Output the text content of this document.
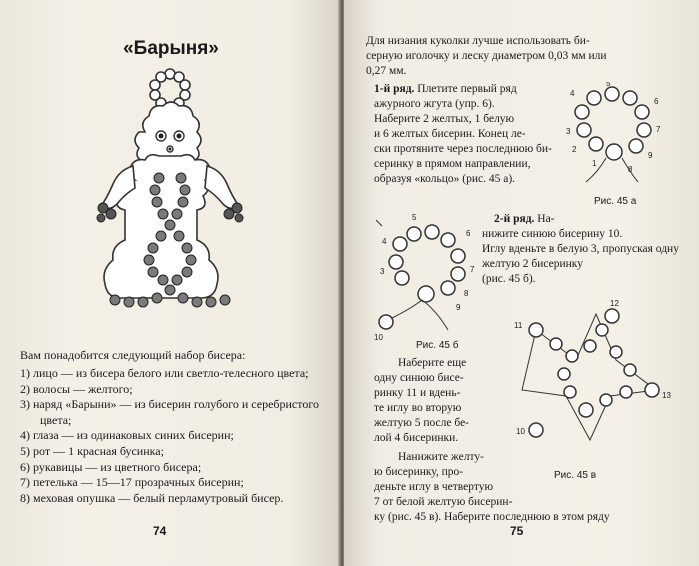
«Барыня»
Вам понадобится следующий набор бисера:
1) лицо — из бисера белого или светло-телесного цвета;
2) волосы — желтого;
3) наряд «Барыни» — из бисерин голубого и серебристого цвета;
4) глаза — из одинаковых синих бисерин;
5) рот — 1 красная бусинка;
6) рукавицы — из цветного бисера;
7) петелька — 15—17 прозрачных бисерин;
8) меховая опушка — белый перламутровый бисер.
74
Для низания куколки лучше использовать би-
серную иголочку и леску диаметром 0,03 мм или
0,27 мм.
1-й ряд. Плетите первый ряд
ажурного жгута (упр. 6).
Наберите 2 желтых, 1 белую
и 6 желтых бисерин. Конец ле-
ски протяните через последнюю би-
серинку в прямом направлении,
образуя «кольцо» (рис. 45 а).
4
5
3
6
2
7
1
9
8
Рис. 45 а
2-й ряд. На-
нижите синюю бисерину 10.
Иглу вденьте в белую 3, пропуская одну желтую 2 бисеринку
(рис. 45 б).
5
6
4
7
3
8
10
9
Рис. 45 б
Наберите еще
одну синюю бисе-
ринку 11 и вдень-
те иглу во вторую
желтую 5 после бе-
лой 4 бисеринки.
Нанижите желту-
ю бисеринку, про-
деньте иглу в четвертую
7 от белой желтую бисерин-
ку (рис. 45 в). Наберите последнюю в этом ряду
12
11
13
10
Рис. 45 в
75
